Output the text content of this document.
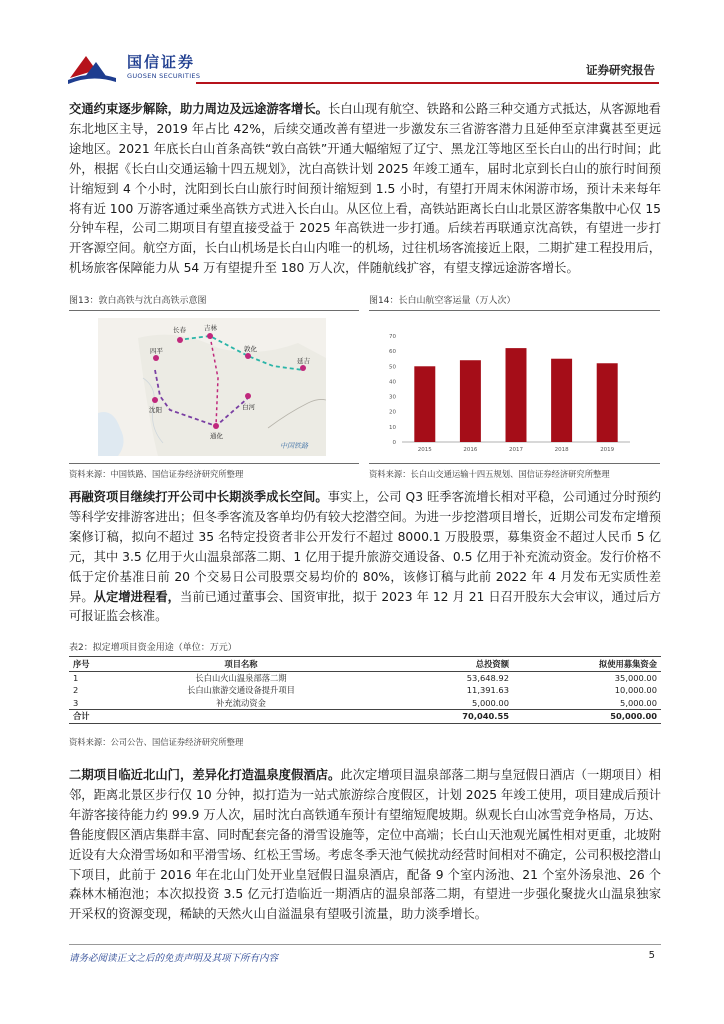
国信证券
GUOSEN SECURITIES	证券研究报告
交通约束逐步解除，助力周边及远途游客增长。长白山现有航空、铁路和公路三种交通方式抵达，从客源地看东北地区主导，2019 年占比 42%，后续交通改善有望进一步激发东三省游客潜力且延伸至京津冀甚至更远途地区。2021 年底长白山首条高铁“敦白高铁”开通大幅缩短了辽宁、黑龙江等地区至长白山的出行时间；此外，根据《长白山交通运输十四五规划》，沈白高铁计划 2025 年竣工通车，届时北京到长白山的旅行时间预计缩短到 4 个小时，沈阳到长白山旅行时间预计缩短到 1.5 小时，有望打开周末休闲游市场，预计未来每年将有近 100 万游客通过乘坐高铁方式进入长白山。从区位上看，高铁站距离长白山北景区游客集散中心仅 15 分钟车程，公司二期项目有望直接受益于 2025 年高铁进一步打通。后续若再联通京沈高铁，有望进一步打开客源空间。航空方面，长白山机场是长白山内唯一的机场，过往机场客流接近上限，二期扩建工程投用后，机场旅客保障能力从 54 万有望提升至 180 万人次，伴随航线扩容，有望支撑远途游客增长。
图13：敦白高铁与沈白高铁示意图	图14：长白山航空客运量（万人次）
长春	吉林
四平	敦化
延吉
沈阳
通化
白河
中国铁路	0
10
20
30
40
50
60
70
2015	2016	2017	2018	2019
资料来源：中国铁路、国信证券经济研究所整理	资料来源：长白山交通运输十四五规划、国信证券经济研究所整理
再融资项目继续打开公司中长期淡季成长空间。事实上，公司 Q3 旺季客流增长相对平稳，公司通过分时预约等科学安排游客进出；但冬季客流及客单均仍有较大挖潜空间。为进一步挖潜项目增长，近期公司发布定增预案修订稿，拟向不超过 35 名特定投资者非公开发行不超过 8000.1 万股股票，募集资金不超过人民币 5 亿元，其中 3.5 亿用于火山温泉部落二期、1 亿用于提升旅游交通设备、0.5 亿用于补充流动资金。发行价格不低于定价基准日前 20 个交易日公司股票交易均价的 80%，该修订稿与此前 2022 年 4 月发布无实质性差异。从定增进程看，当前已通过董事会、国资审批，拟于 2023 年 12 月 21 日召开股东大会审议，通过后方可报证监会核准。
表2：拟定增项目资金用途（单位：万元）
序号	项目名称	总投资额	拟使用募集资金
1	长白山火山温泉部落二期	53,648.92	35,000.00
2	长白山旅游交通设备提升项目	11,391.63	10,000.00
3	补充流动资金	5,000.00	5,000.00
合计		70,040.55	50,000.00
资料来源：公司公告、国信证券经济研究所整理
二期项目临近北山门，差异化打造温泉度假酒店。此次定增项目温泉部落二期与皇冠假日酒店（一期项目）相邻，距离北景区步行仅 10 分钟，拟打造为一站式旅游综合度假区，计划 2025 年竣工使用，项目建成后预计年游客接待能力约 99.9 万人次，届时沈白高铁通车预计有望缩短爬坡期。纵观长白山冰雪竞争格局，万达、鲁能度假区酒店集群丰富、同时配套完备的滑雪设施等，定位中高端；长白山天池观光属性相对更重，北坡附近设有大众滑雪场如和平滑雪场、红松王雪场。考虑冬季天池气候扰动经营时间相对不确定，公司积极挖潜山下项目，此前于 2016 年在北山门处开业皇冠假日温泉酒店，配备 9 个室内汤池、21 个室外汤泉池、26 个森林木桶泡池；本次拟投资 3.5 亿元打造临近一期酒店的温泉部落二期，有望进一步强化聚拢火山温泉独家开采权的资源变现，稀缺的天然火山自溢温泉有望吸引流量，助力淡季增长。
请务必阅读正文之后的免责声明及其项下所有内容	5
